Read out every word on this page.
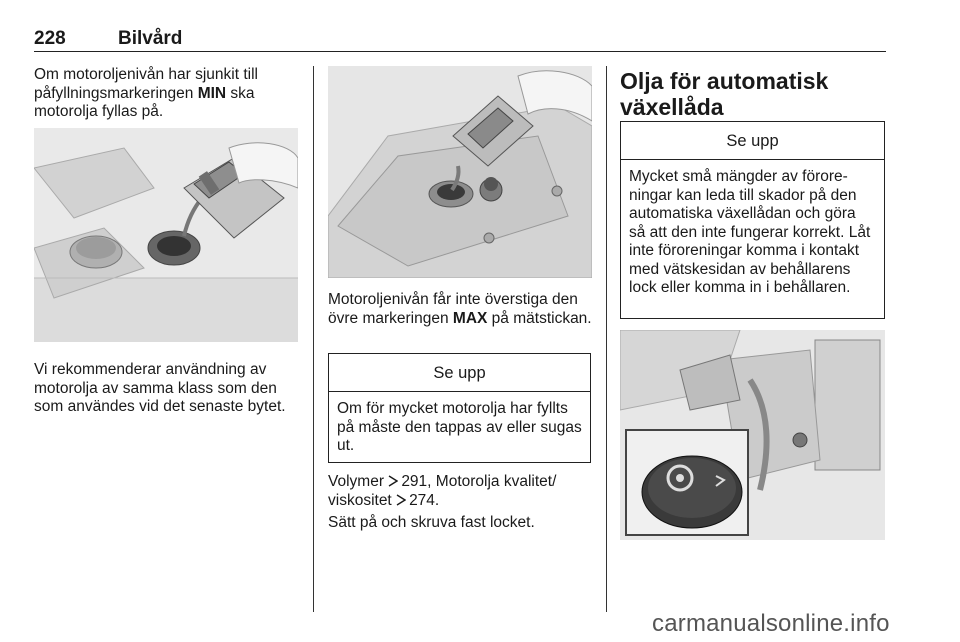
228	Bilvård
Om motoroljenivån har sjunkit till påfyllningsmarkeringen MIN ska motorolja fyllas på.
Vi rekommenderar användning av motorolja av samma klass som den som användes vid det senaste bytet.
Motoroljenivån får inte överstiga den övre markeringen MAX på mätstickan.
Se upp
Om för mycket motorolja har fyllts på måste den tappas av eller sugas ut.
Volymer 291, Motorolja kvalitet/
viskositet 274.
Sätt på och skruva fast locket.
Olja för automatisk
växellåda
Se upp
Mycket små mängder av föroreningar kan leda till skador på den automatiska växellådan och göra så att den inte fungerar korrekt. Låt inte föroreningar komma i kontakt med vätskesidan av behållarens lock eller komma in i behållaren.
carmanualsonline.info
